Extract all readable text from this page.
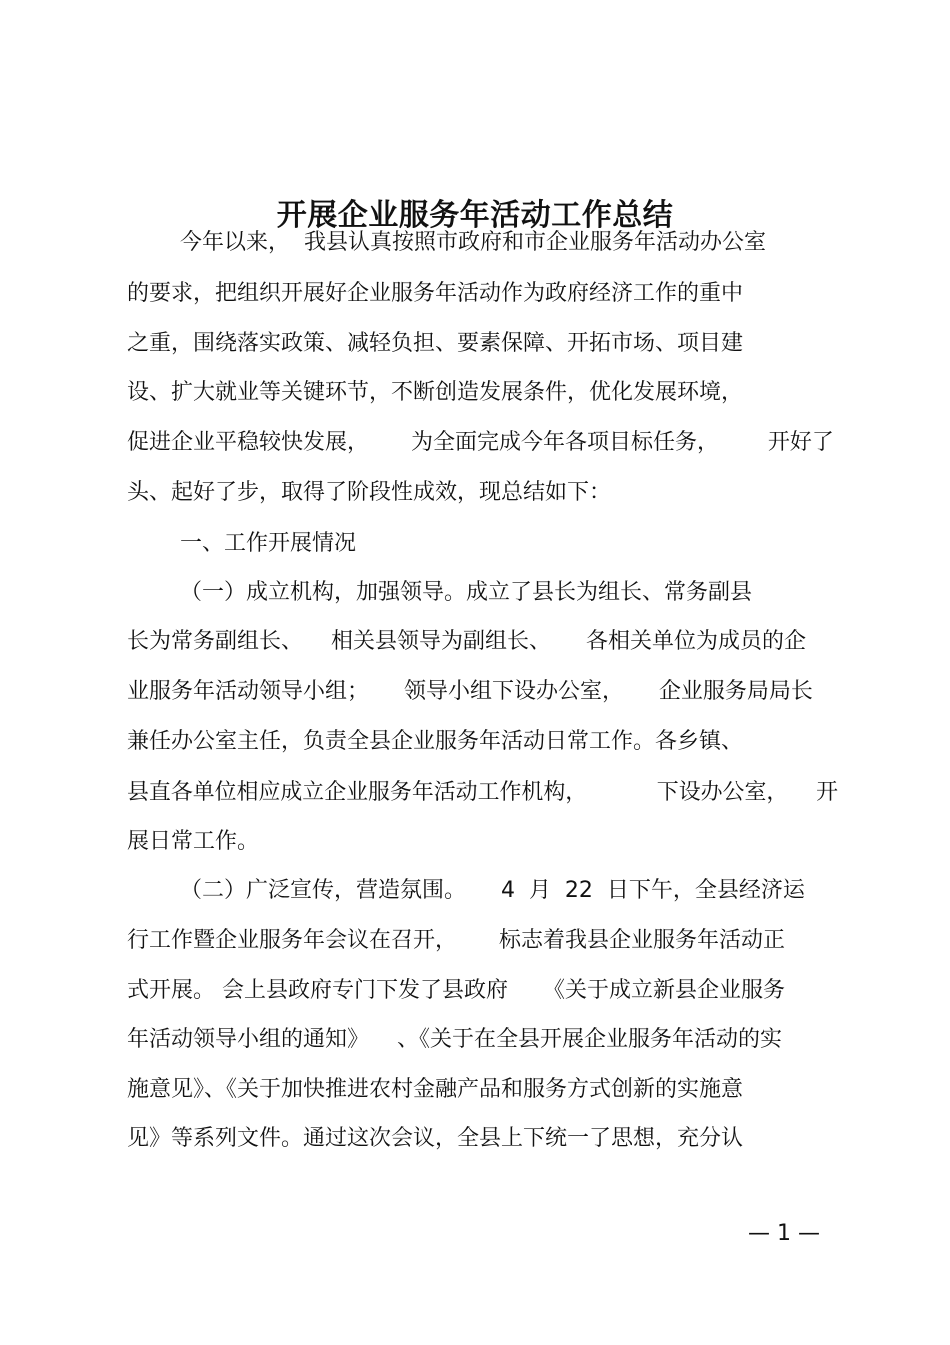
开展企业服务年活动工作总结
今年以来，  我县认真按照市政府和市企业服务年活动办公室
的要求，把组织开展好企业服务年活动作为政府经济工作的重中
之重，围绕落实政策、减轻负担、要素保障、开拓市场、项目建
设、扩大就业等关键环节，不断创造发展条件，优化发展环境，
促进企业平稳较快发展，      为全面完成今年各项目标任务，       开好了
头、起好了步，取得了阶段性成效，现总结如下：
一、工作开展情况
（一）成立机构，加强领导。成立了县长为组长、常务副县
长为常务副组长、    相关县领导为副组长、     各相关单位为成员的企
业服务年活动领导小组；     领导小组下设办公室，     企业服务局局长
兼任办公室主任，负责全县企业服务年活动日常工作。各乡镇、
县直各单位相应成立企业服务年活动工作机构，          下设办公室，    开
展日常工作。
（二）广泛宣传，营造氛围。     4  月  22  日下午，全县经济运
行工作暨企业服务年会议在召开，      标志着我县企业服务年活动正
式开展。 会上县政府专门下发了县政府     《关于成立新县企业服务
年活动领导小组的通知》    、《关于在全县开展企业服务年活动的实
施意见》、《关于加快推进农村金融产品和服务方式创新的实施意
见》等系列文件。通过这次会议，全县上下统一了思想，充分认
— 1 —
